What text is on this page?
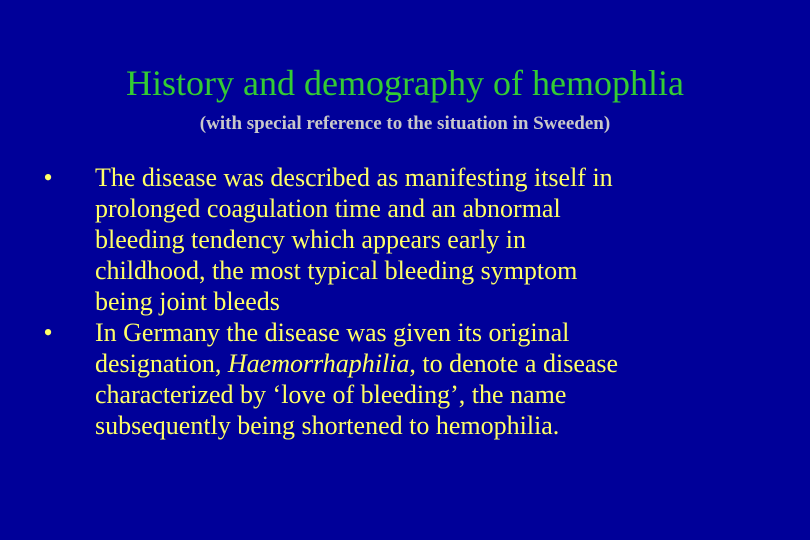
History and demography of hemophlia
(with special reference to the situation in Sweeden)
• The disease was described as manifesting itself in
prolonged coagulation time and an abnormal
bleeding tendency which appears early in
childhood, the most typical bleeding symptom
being joint bleeds
• In Germany the disease was given its original
designation, Haemorrhaphilia, to denote a disease
characterized by ‘love of bleeding’, the name
subsequently being shortened to hemophilia.
